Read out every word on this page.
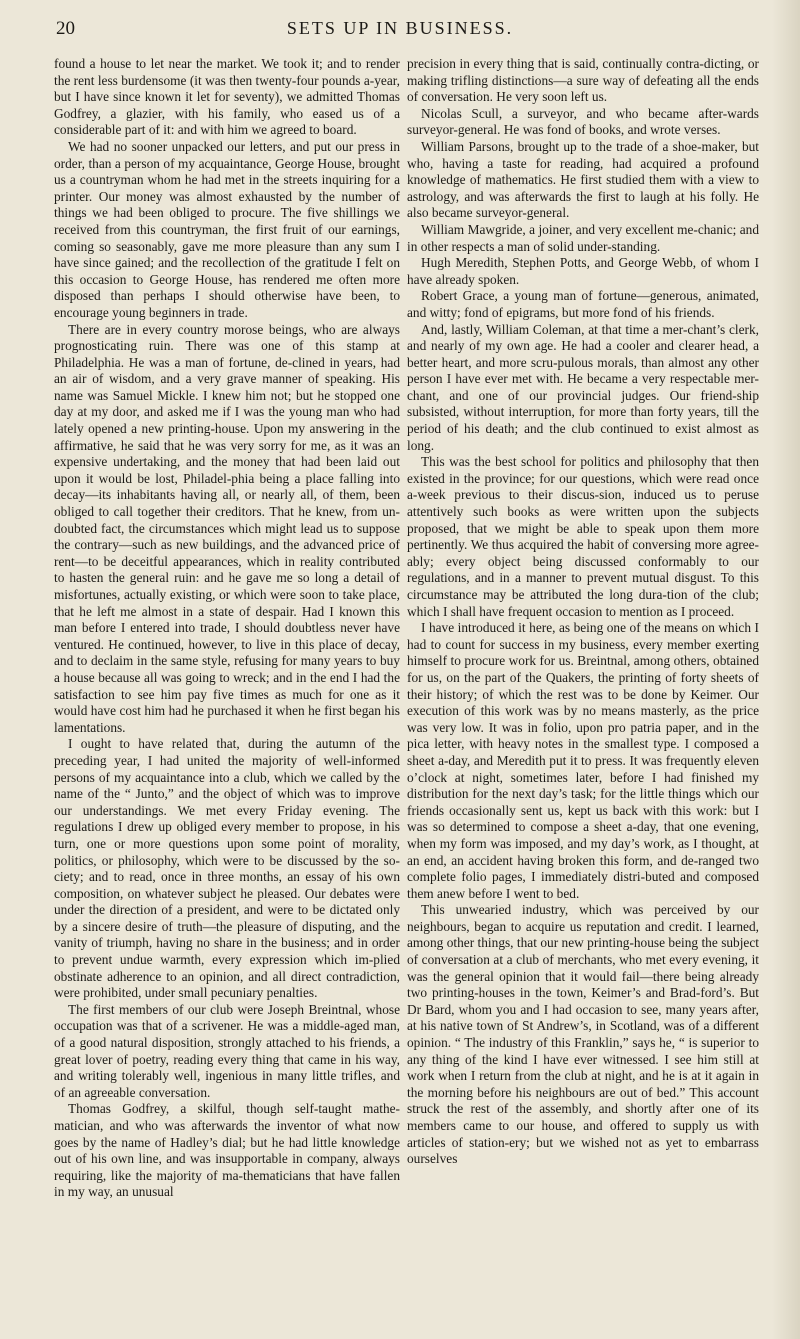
20	SETS UP IN BUSINESS.

found a house to let near the market. We took it; and to render the rent less burdensome (it was then twenty-four pounds a-year, but I have since known it let for seventy), we admitted Thomas Godfrey, a glazier, with his family, who eased us of a considerable part of it: and with him we agreed to board.

We had no sooner unpacked our letters, and put our press in order, than a person of my acquaintance, George House, brought us a countryman whom he had met in the streets inquiring for a printer. Our money was almost exhausted by the number of things we had been obliged to procure. The five shillings we received from this countryman, the first fruit of our earnings, coming so seasonably, gave me more pleasure than any sum I have since gained; and the recollection of the gratitude I felt on this occasion to George House, has rendered me often more disposed than perhaps I should otherwise have been, to encourage young beginners in trade.

There are in every country morose beings, who are always prognosticating ruin. There was one of this stamp at Philadelphia. He was a man of fortune, de-clined in years, had an air of wisdom, and a very grave manner of speaking. His name was Samuel Mickle. I knew him not; but he stopped one day at my door, and asked me if I was the young man who had lately opened a new printing-house. Upon my answering in the affirmative, he said that he was very sorry for me, as it was an expensive undertaking, and the money that had been laid out upon it would be lost, Philadel-phia being a place falling into decay—its inhabitants having all, or nearly all, of them, been obliged to call together their creditors. That he knew, from un-doubted fact, the circumstances which might lead us to suppose the contrary—such as new buildings, and the advanced price of rent—to be deceitful appearances, which in reality contributed to hasten the general ruin: and he gave me so long a detail of misfortunes, actually existing, or which were soon to take place, that he left me almost in a state of despair. Had I known this man before I entered into trade, I should doubtless never have ventured. He continued, however, to live in this place of decay, and to declaim in the same style, refusing for many years to buy a house because all was going to wreck; and in the end I had the satisfaction to see him pay five times as much for one as it would have cost him had he purchased it when he first began his lamentations.

I ought to have related that, during the autumn of the preceding year, I had united the majority of well-informed persons of my acquaintance into a club, which we called by the name of the “ Junto,” and the object of which was to improve our understandings. We met every Friday evening. The regulations I drew up obliged every member to propose, in his turn, one or more questions upon some point of morality, politics, or philosophy, which were to be discussed by the so-ciety; and to read, once in three months, an essay of his own composition, on whatever subject he pleased. Our debates were under the direction of a president, and were to be dictated only by a sincere desire of truth—the pleasure of disputing, and the vanity of triumph, having no share in the business; and in order to prevent undue warmth, every expression which im-plied obstinate adherence to an opinion, and all direct contradiction, were prohibited, under small pecuniary penalties.

The first members of our club were Joseph Breintnal, whose occupation was that of a scrivener. He was a middle-aged man, of a good natural disposition, strongly attached to his friends, a great lover of poetry, reading every thing that came in his way, and writing tolerably well, ingenious in many little trifles, and of an agreeable conversation.

Thomas Godfrey, a skilful, though self-taught mathe-matician, and who was afterwards the inventor of what now goes by the name of Hadley’s dial; but he had little knowledge out of his own line, and was insupportable in company, always requiring, like the majority of ma-thematicians that have fallen in my way, an unusual

precision in every thing that is said, continually contra-dicting, or making trifling distinctions—a sure way of defeating all the ends of conversation. He very soon left us.

Nicolas Scull, a surveyor, and who became after-wards surveyor-general. He was fond of books, and wrote verses.

William Parsons, brought up to the trade of a shoe-maker, but who, having a taste for reading, had acquired a profound knowledge of mathematics. He first studied them with a view to astrology, and was afterwards the first to laugh at his folly. He also became surveyor-general.

William Mawgride, a joiner, and very excellent me-chanic; and in other respects a man of solid under-standing.

Hugh Meredith, Stephen Potts, and George Webb, of whom I have already spoken.

Robert Grace, a young man of fortune—generous, animated, and witty; fond of epigrams, but more fond of his friends.

And, lastly, William Coleman, at that time a mer-chant’s clerk, and nearly of my own age. He had a cooler and clearer head, a better heart, and more scru-pulous morals, than almost any other person I have ever met with. He became a very respectable mer-chant, and one of our provincial judges. Our friend-ship subsisted, without interruption, for more than forty years, till the period of his death; and the club continued to exist almost as long.

This was the best school for politics and philosophy that then existed in the province; for our questions, which were read once a-week previous to their discus-sion, induced us to peruse attentively such books as were written upon the subjects proposed, that we might be able to speak upon them more pertinently. We thus acquired the habit of conversing more agree-ably; every object being discussed conformably to our regulations, and in a manner to prevent mutual disgust. To this circumstance may be attributed the long dura-tion of the club; which I shall have frequent occasion to mention as I proceed.

I have introduced it here, as being one of the means on which I had to count for success in my business, every member exerting himself to procure work for us. Breintnal, among others, obtained for us, on the part of the Quakers, the printing of forty sheets of their history; of which the rest was to be done by Keimer. Our execution of this work was by no means masterly, as the price was very low. It was in folio, upon pro patria paper, and in the pica letter, with heavy notes in the smallest type. I composed a sheet a-day, and Meredith put it to press. It was frequently eleven o’clock at night, sometimes later, before I had finished my distribution for the next day’s task; for the little things which our friends occasionally sent us, kept us back with this work: but I was so determined to compose a sheet a-day, that one evening, when my form was imposed, and my day’s work, as I thought, at an end, an accident having broken this form, and de-ranged two complete folio pages, I immediately distri-buted and composed them anew before I went to bed.

This unwearied industry, which was perceived by our neighbours, began to acquire us reputation and credit. I learned, among other things, that our new printing-house being the subject of conversation at a club of merchants, who met every evening, it was the general opinion that it would fail—there being already two printing-houses in the town, Keimer’s and Brad-ford’s. But Dr Bard, whom you and I had occasion to see, many years after, at his native town of St Andrew’s, in Scotland, was of a different opinion. “ The industry of this Franklin,” says he, “ is superior to any thing of the kind I have ever witnessed. I see him still at work when I return from the club at night, and he is at it again in the morning before his neighbours are out of bed.” This account struck the rest of the assembly, and shortly after one of its members came to our house, and offered to supply us with articles of station-ery; but we wished not as yet to embarrass ourselves
